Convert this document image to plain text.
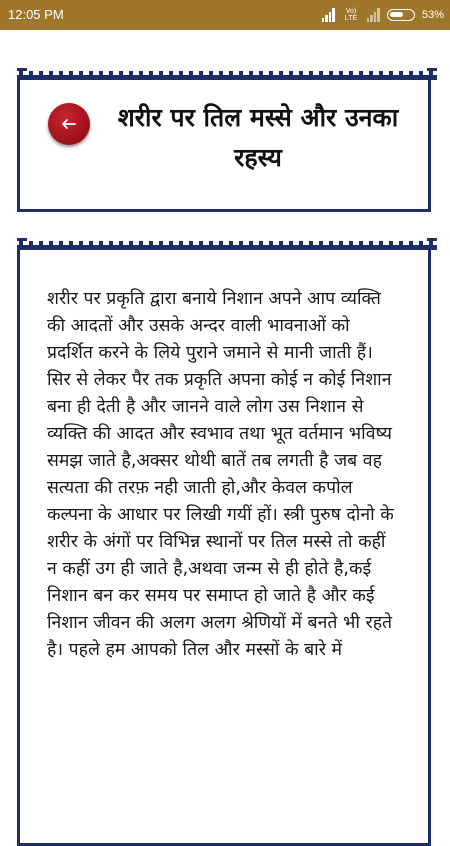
12:05 PM	Vo) LTE	53%
शरीर पर तिल मस्से और उनका रहस्य

शरीर पर प्रकृति द्वारा बनाये निशान अपने आप व्यक्ति की आदतों और उसके अन्दर वाली भावनाओं को प्रदर्शित करने के लिये पुराने जमाने से मानी जाती हैं। सिर से लेकर पैर तक प्रकृति अपना कोई न कोई निशान बना ही देती है और जानने वाले लोग उस निशान से व्यक्ति की आदत और स्वभाव तथा भूत वर्तमान भविष्य समझ जाते है,अक्सर थोथी बातें तब लगती है जब वह सत्यता की तरफ़ नही जाती हो,और केवल कपोल कल्पना के आधार पर लिखी गयीं हों। स्त्री पुरुष दोनो के शरीर के अंगों पर विभिन्न स्थानों पर तिल मस्से तो कहीं न कहीं उग ही जाते है,अथवा जन्म से ही होते है,कई निशान बन कर समय पर समाप्त हो जाते है और कई निशान जीवन की अलग अलग श्रेणियों में बनते भी रहते है। पहले हम आपको तिल और मस्सों के बारे में
